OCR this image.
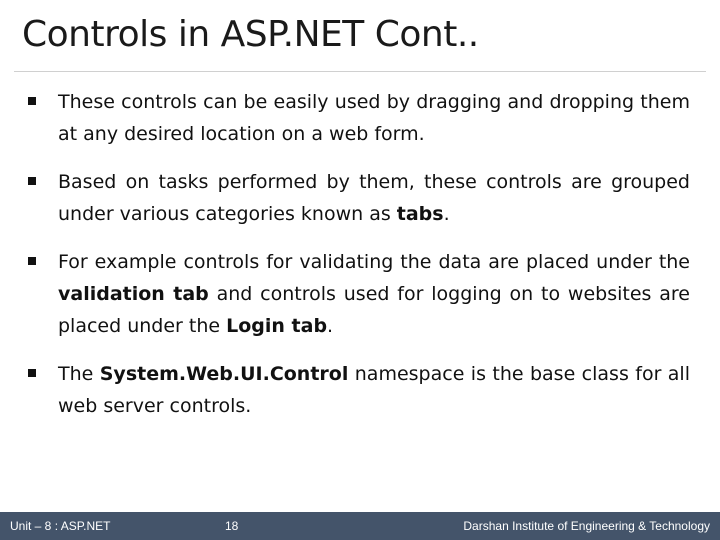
Controls in ASP.NET Cont..
These controls can be easily used by dragging and dropping them at any desired location on a web form.
Based on tasks performed by them, these controls are grouped under various categories known as tabs.
For example controls for validating the data are placed under the validation tab and controls used for logging on to websites are placed under the Login tab.
The System.Web.UI.Control namespace is the base class for all web server controls.
Unit – 8 : ASP.NET	18	Darshan Institute of Engineering & Technology
